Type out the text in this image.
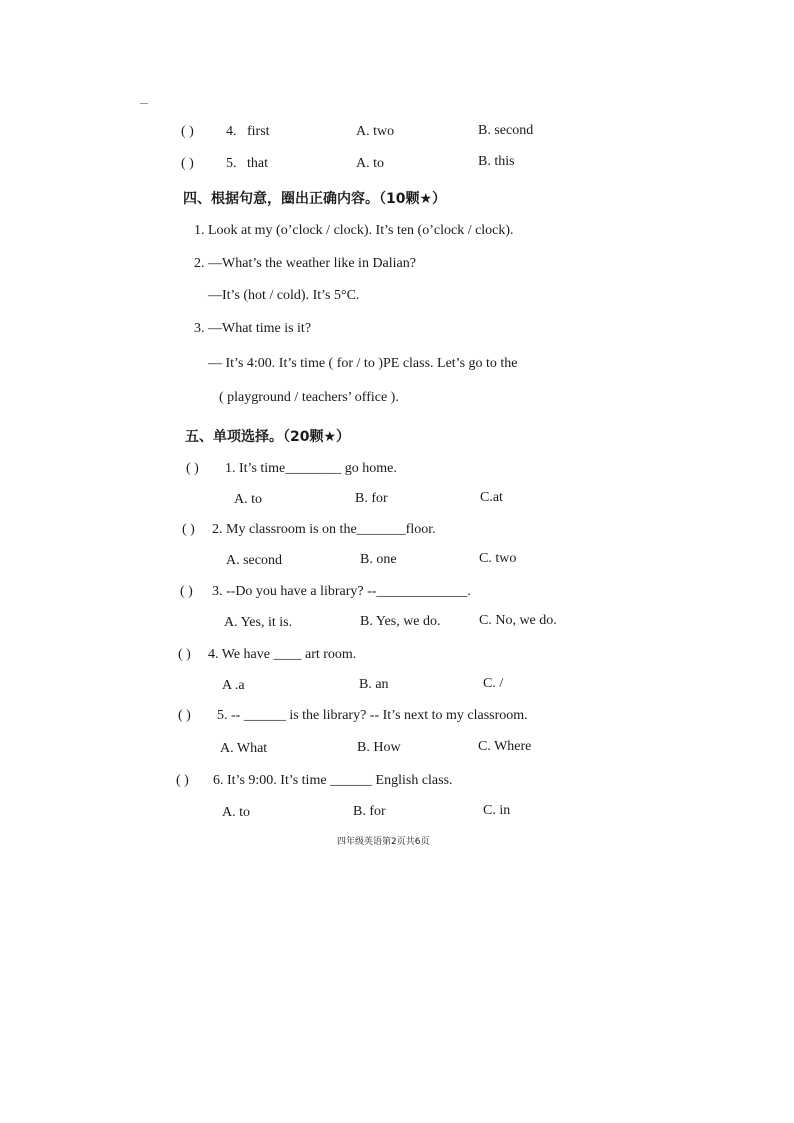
( ) 4. first	A. two	B. second
( ) 5. that	A. to	B. this
四、根据句意，圈出正确内容。（10颗★）
1. Look at my (o’clock / clock). It’s ten (o’clock / clock).
2. —What’s the weather like in Dalian?
—It’s (hot / cold). It’s 5°C.
3. —What time is it?
— It’s 4:00. It’s time ( for / to )PE class. Let’s go to the
( playground / teachers’ office ).
五、单项选择。（20颗★）
( ) 1. It’s time________ go home.
A. to	B. for	C.at
( ) 2. My classroom is on the_______floor.
A. second	B. one	C. two
( ) 3. --Do you have a library? --_____________.
A. Yes, it is.	B. Yes, we do.	C. No, we do.
( ) 4. We have ____ art room.
A .a	B. an	C. /
( ) 5. -- ______ is the library? -- It’s next to my classroom.
A. What	B. How	C. Where
( ) 6. It’s 9:00. It’s time ______ English class.
A. to	B. for	C. in
四年级英语第2页共6页
